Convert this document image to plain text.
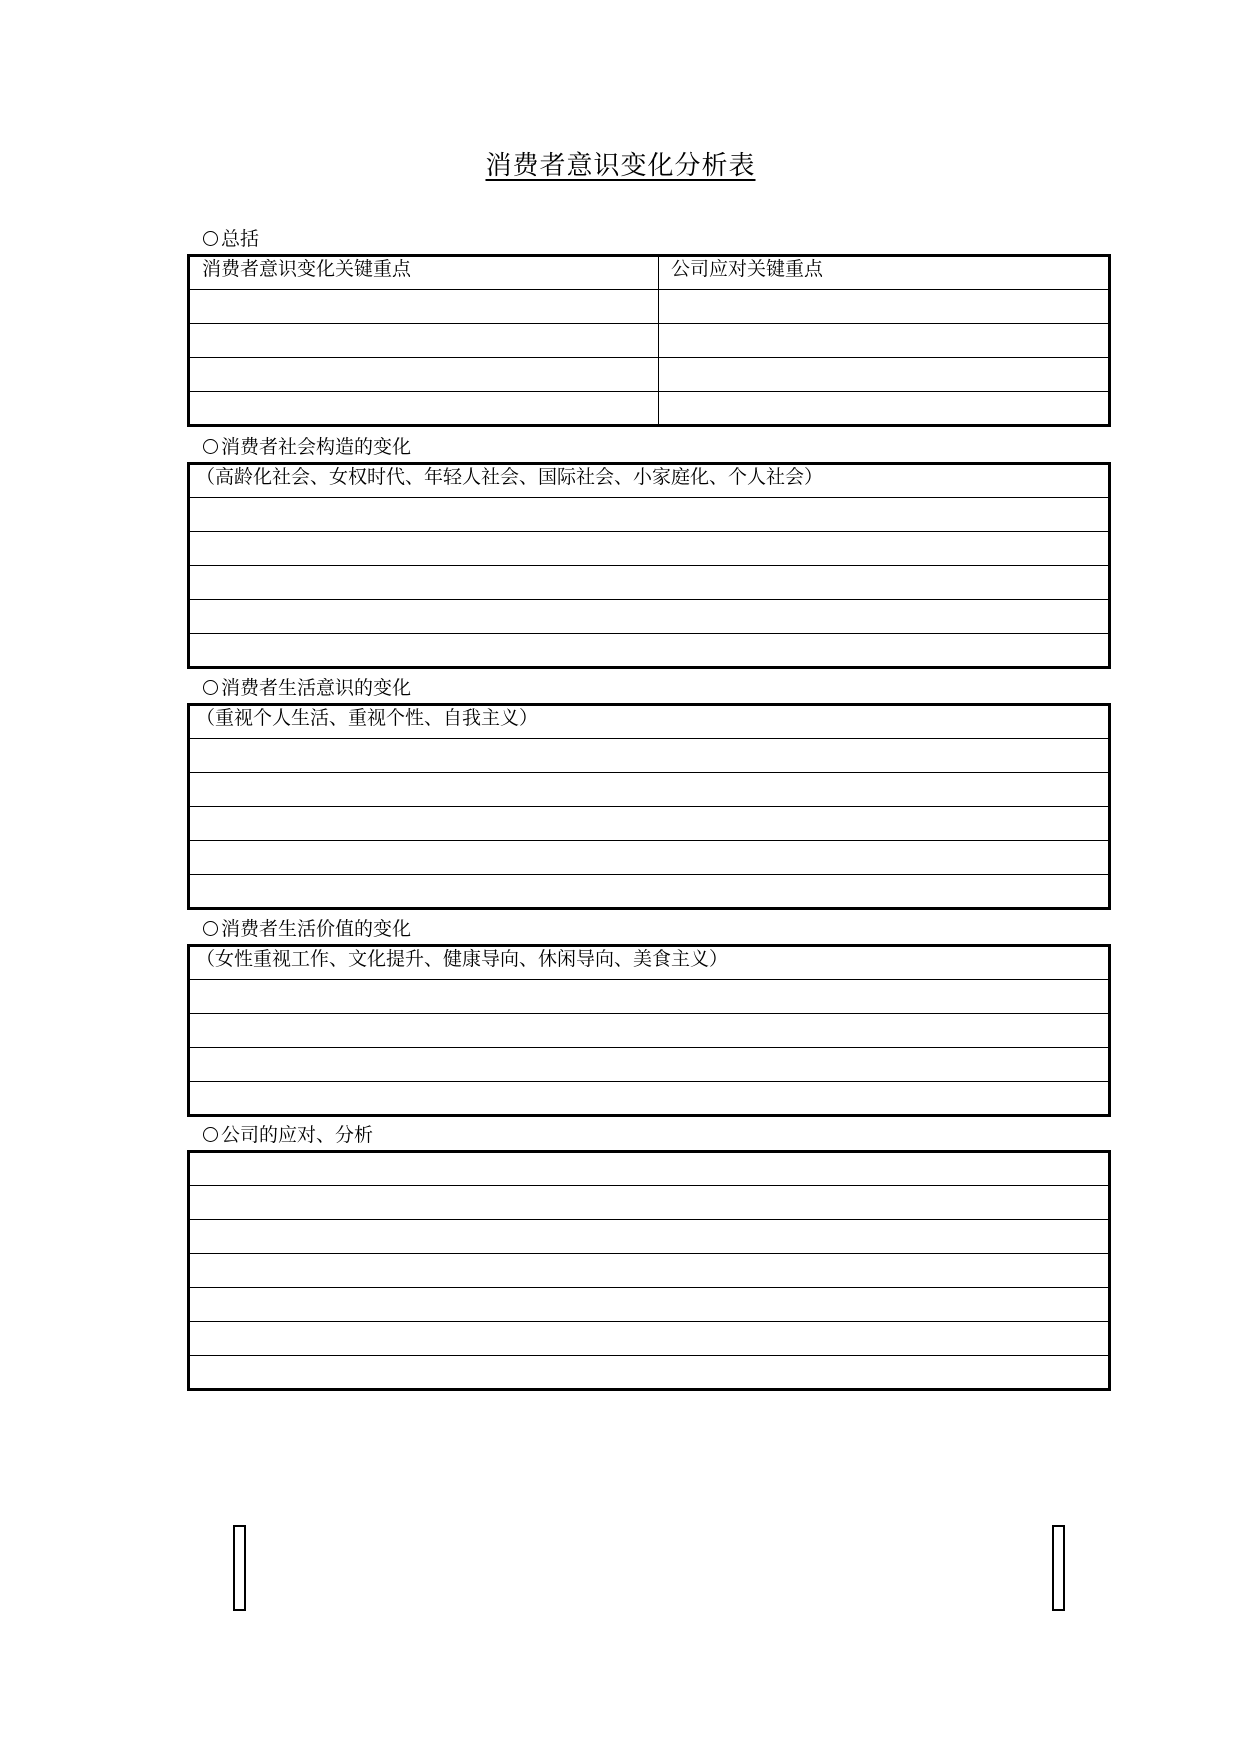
消费者意识变化分析表
总括
消费者意识变化关键重点	公司应对关键重点

消费者社会构造的变化
（高龄化社会、女权时代、年轻人社会、国际社会、小家庭化、个人社会）

消费者生活意识的变化
（重视个人生活、重视个性、自我主义）

消费者生活价值的变化
（女性重视工作、文化提升、健康导向、休闲导向、美食主义）

公司的应对、分析
